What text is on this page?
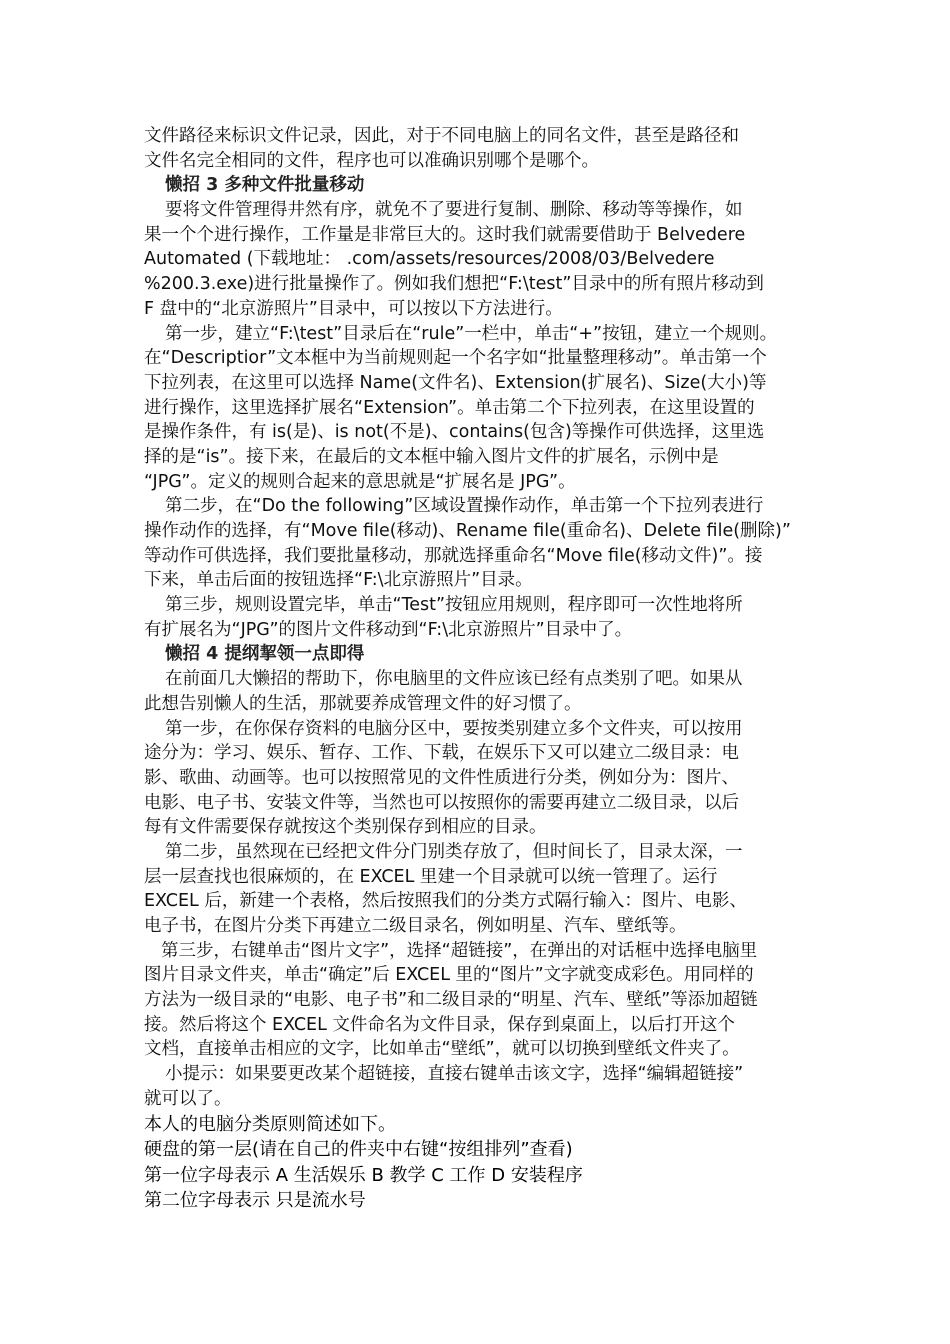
文件路径来标识文件记录，因此，对于不同电脑上的同名文件，甚至是路径和
文件名完全相同的文件，程序也可以准确识别哪个是哪个。
懒招 3 多种文件批量移动
要将文件管理得井然有序，就免不了要进行复制、删除、移动等等操作，如
果一个个进行操作，工作量是非常巨大的。这时我们就需要借助于 Belvedere
Automated (下载地址： .com/assets/resources/2008/03/Belvedere
%200.3.exe)进行批量操作了。例如我们想把“F:\test”目录中的所有照片移动到
F 盘中的“北京游照片”目录中，可以按以下方法进行。
第一步，建立“F:\test”目录后在“rule”一栏中，单击“+”按钮，建立一个规则。
在“Descriptior”文本框中为当前规则起一个名字如“批量整理移动”。单击第一个
下拉列表，在这里可以选择 Name(文件名)、Extension(扩展名)、Size(大小)等
进行操作，这里选择扩展名“Extension”。单击第二个下拉列表，在这里设置的
是操作条件，有 is(是)、is not(不是)、contains(包含)等操作可供选择，这里选
择的是“is”。接下来，在最后的文本框中输入图片文件的扩展名，示例中是
“JPG”。定义的规则合起来的意思就是“扩展名是 JPG”。
第二步，在“Do the following”区域设置操作动作，单击第一个下拉列表进行
操作动作的选择，有“Move file(移动)、Rename file(重命名)、Delete file(删除)”
等动作可供选择，我们要批量移动，那就选择重命名“Move file(移动文件)”。接
下来，单击后面的按钮选择“F:\北京游照片”目录。
第三步，规则设置完毕，单击“Test”按钮应用规则，程序即可一次性地将所
有扩展名为“JPG”的图片文件移动到“F:\北京游照片”目录中了。
懒招 4 提纲挈领一点即得
在前面几大懒招的帮助下，你电脑里的文件应该已经有点类别了吧。如果从
此想告别懒人的生活，那就要养成管理文件的好习惯了。
第一步，在你保存资料的电脑分区中，要按类别建立多个文件夹，可以按用
途分为：学习、娱乐、暂存、工作、下载，在娱乐下又可以建立二级目录：电
影、歌曲、动画等。也可以按照常见的文件性质进行分类，例如分为：图片、
电影、电子书、安装文件等，当然也可以按照你的需要再建立二级目录，以后
每有文件需要保存就按这个类别保存到相应的目录。
第二步，虽然现在已经把文件分门别类存放了，但时间长了，目录太深，一
层一层查找也很麻烦的，在 EXCEL 里建一个目录就可以统一管理了。运行
EXCEL 后，新建一个表格，然后按照我们的分类方式隔行输入：图片、电影、
电子书，在图片分类下再建立二级目录名，例如明星、汽车、壁纸等。
第三步，右键单击“图片文字”，选择“超链接”，在弹出的对话框中选择电脑里
图片目录文件夹，单击“确定”后 EXCEL 里的“图片”文字就变成彩色。用同样的
方法为一级目录的“电影、电子书”和二级目录的“明星、汽车、壁纸”等添加超链
接。然后将这个 EXCEL 文件命名为文件目录，保存到桌面上，以后打开这个
文档，直接单击相应的文字，比如单击“壁纸”，就可以切换到壁纸文件夹了。
小提示：如果要更改某个超链接，直接右键单击该文字，选择“编辑超链接”
就可以了。
本人的电脑分类原则简述如下。
硬盘的第一层(请在自己的件夹中右键“按组排列”查看)
第一位字母表示 A 生活娱乐 B 教学 C 工作 D 安装程序
第二位字母表示 只是流水号
